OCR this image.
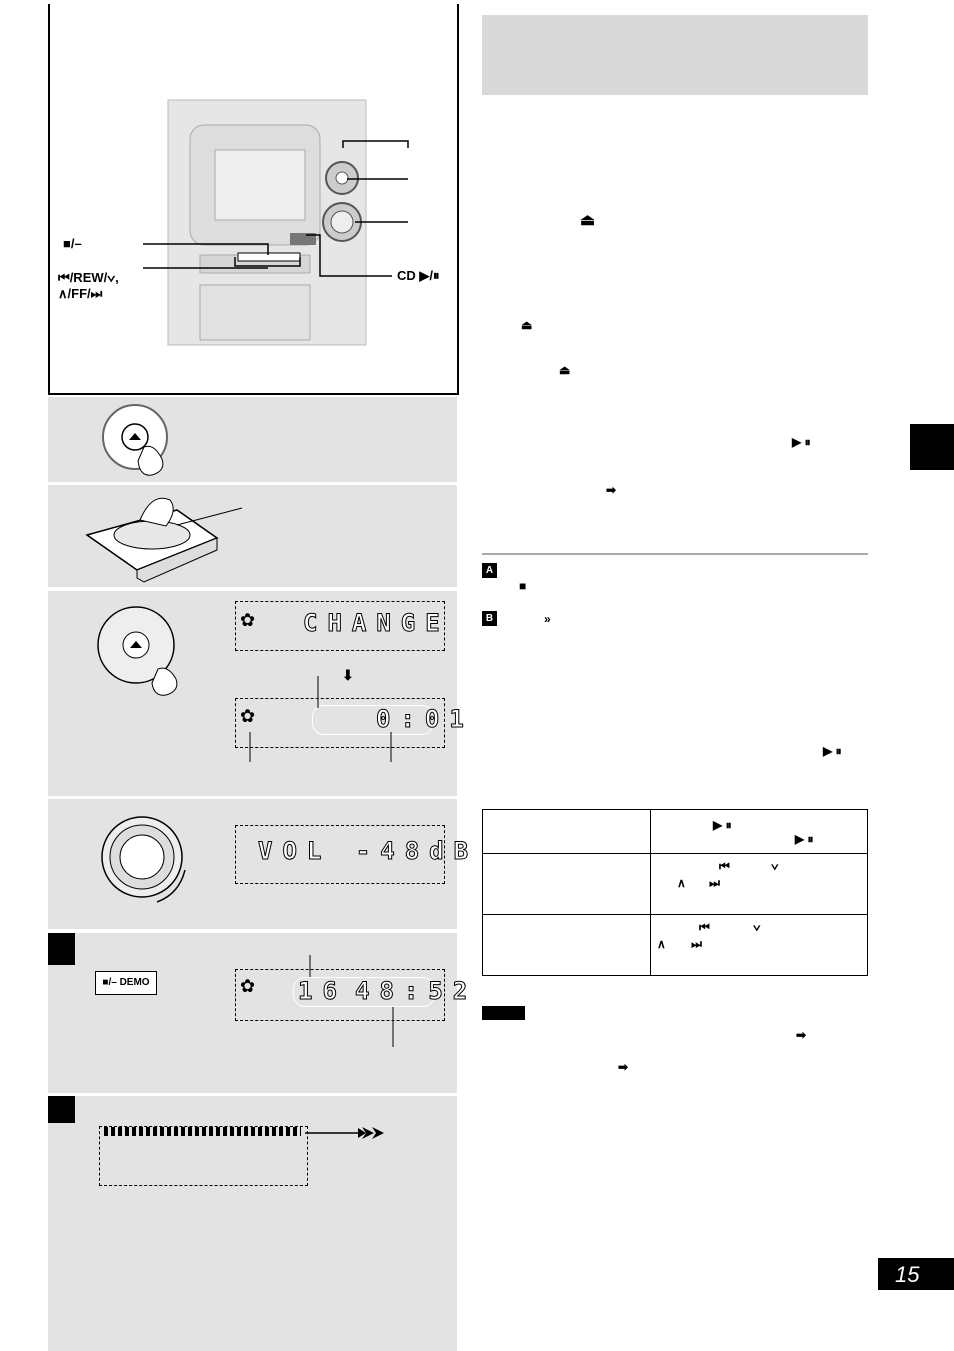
■/–
⏮/REW/∨,
∧/FF/⏭
CD ▶/⏸
✿ CHANGE
⬇
✿	0:01
VOL -48dB
■/– DEMO	✿ 16 48:52
⏏
⏏
⏏
▶ ⏸
➡
A
■
B	»
▶ ⏸
	▶ ⏸ ▶ ⏸
	⏮ ∨
∧ ⏭
	⏮ ∨
∧ ⏭
➡
➡
15
